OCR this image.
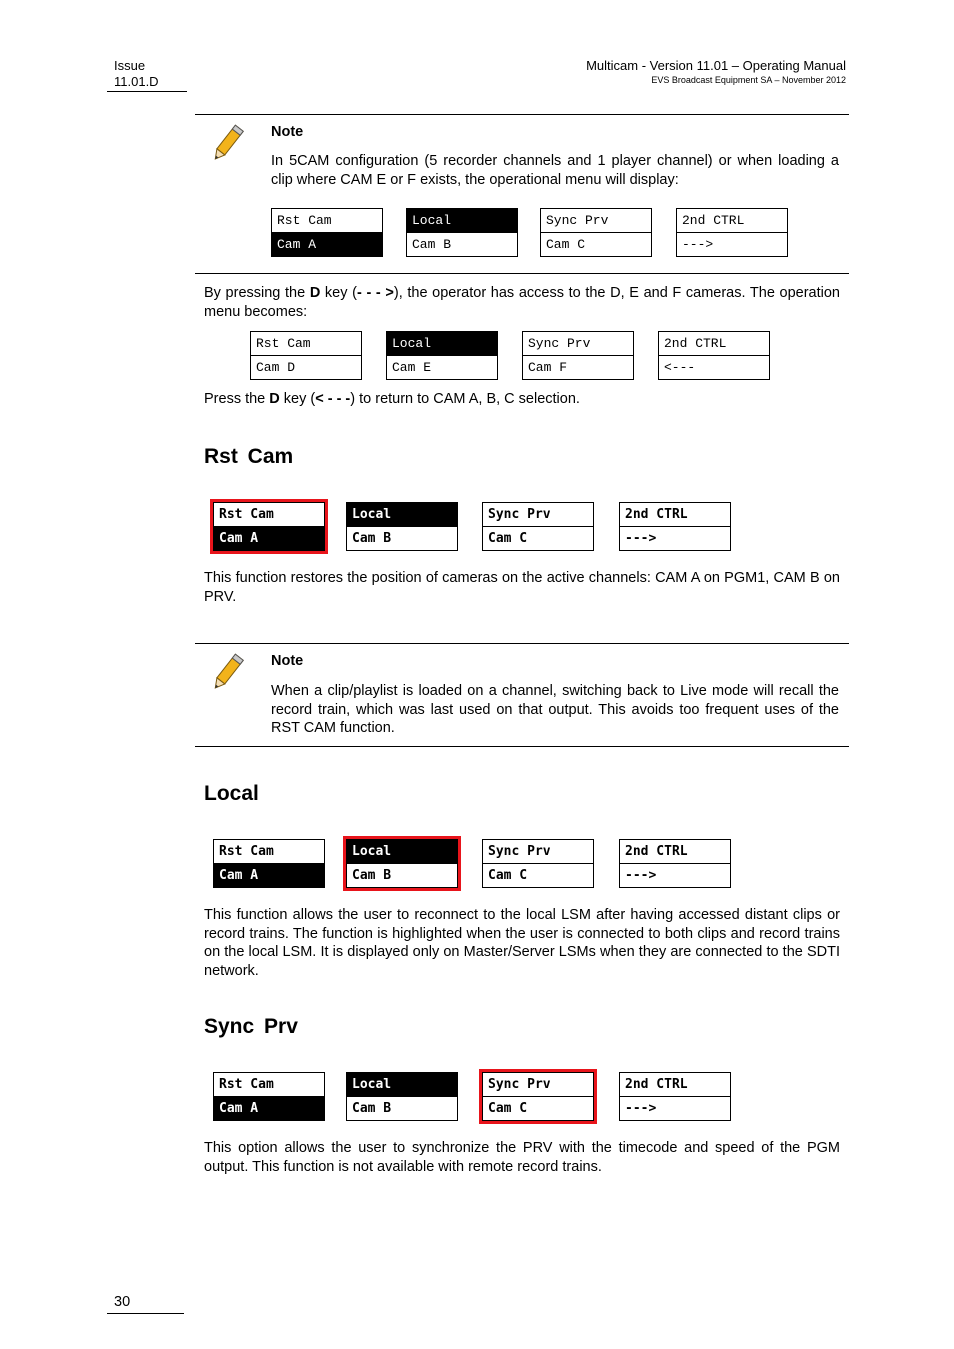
Issue
11.01.D
Multicam - Version 11.01 – Operating Manual
EVS Broadcast Equipment SA – November 2012
Note
In 5CAM configuration (5 recorder channels and 1 player channel) or when loading a clip where CAM E or F exists, the operational menu will display:
Rst Cam
Cam A
Local
Cam B
Sync Prv
Cam C
2nd CTRL
--->
By pressing the D key (- - - >), the operator has access to the D, E and F cameras. The operation menu becomes:
Rst Cam
Cam D
Local
Cam E
Sync Prv
Cam F
2nd CTRL
<---
Press the D key (< - - -) to return to CAM A, B, C selection.
Rst Cam
Rst Cam
Cam A
Local
Cam B
Sync Prv
Cam C
2nd CTRL
--->
This function restores the position of cameras on the active channels: CAM A on PGM1, CAM B on PRV.
Note
When a clip/playlist is loaded on a channel, switching back to Live mode will recall the record train, which was last used on that output. This avoids too frequent uses of the RST CAM function.
Local
Rst Cam
Cam A
Local
Cam B
Sync Prv
Cam C
2nd CTRL
--->
This function allows the user to reconnect to the local LSM after having accessed distant clips or record trains. The function is highlighted when the user is connected to both clips and record trains on the local LSM. It is displayed only on Master/Server LSMs when they are connected to the SDTI network.
Sync Prv
Rst Cam
Cam A
Local
Cam B
Sync Prv
Cam C
2nd CTRL
--->
This option allows the user to synchronize the PRV with the timecode and speed of the PGM output. This function is not available with remote record trains.
30
